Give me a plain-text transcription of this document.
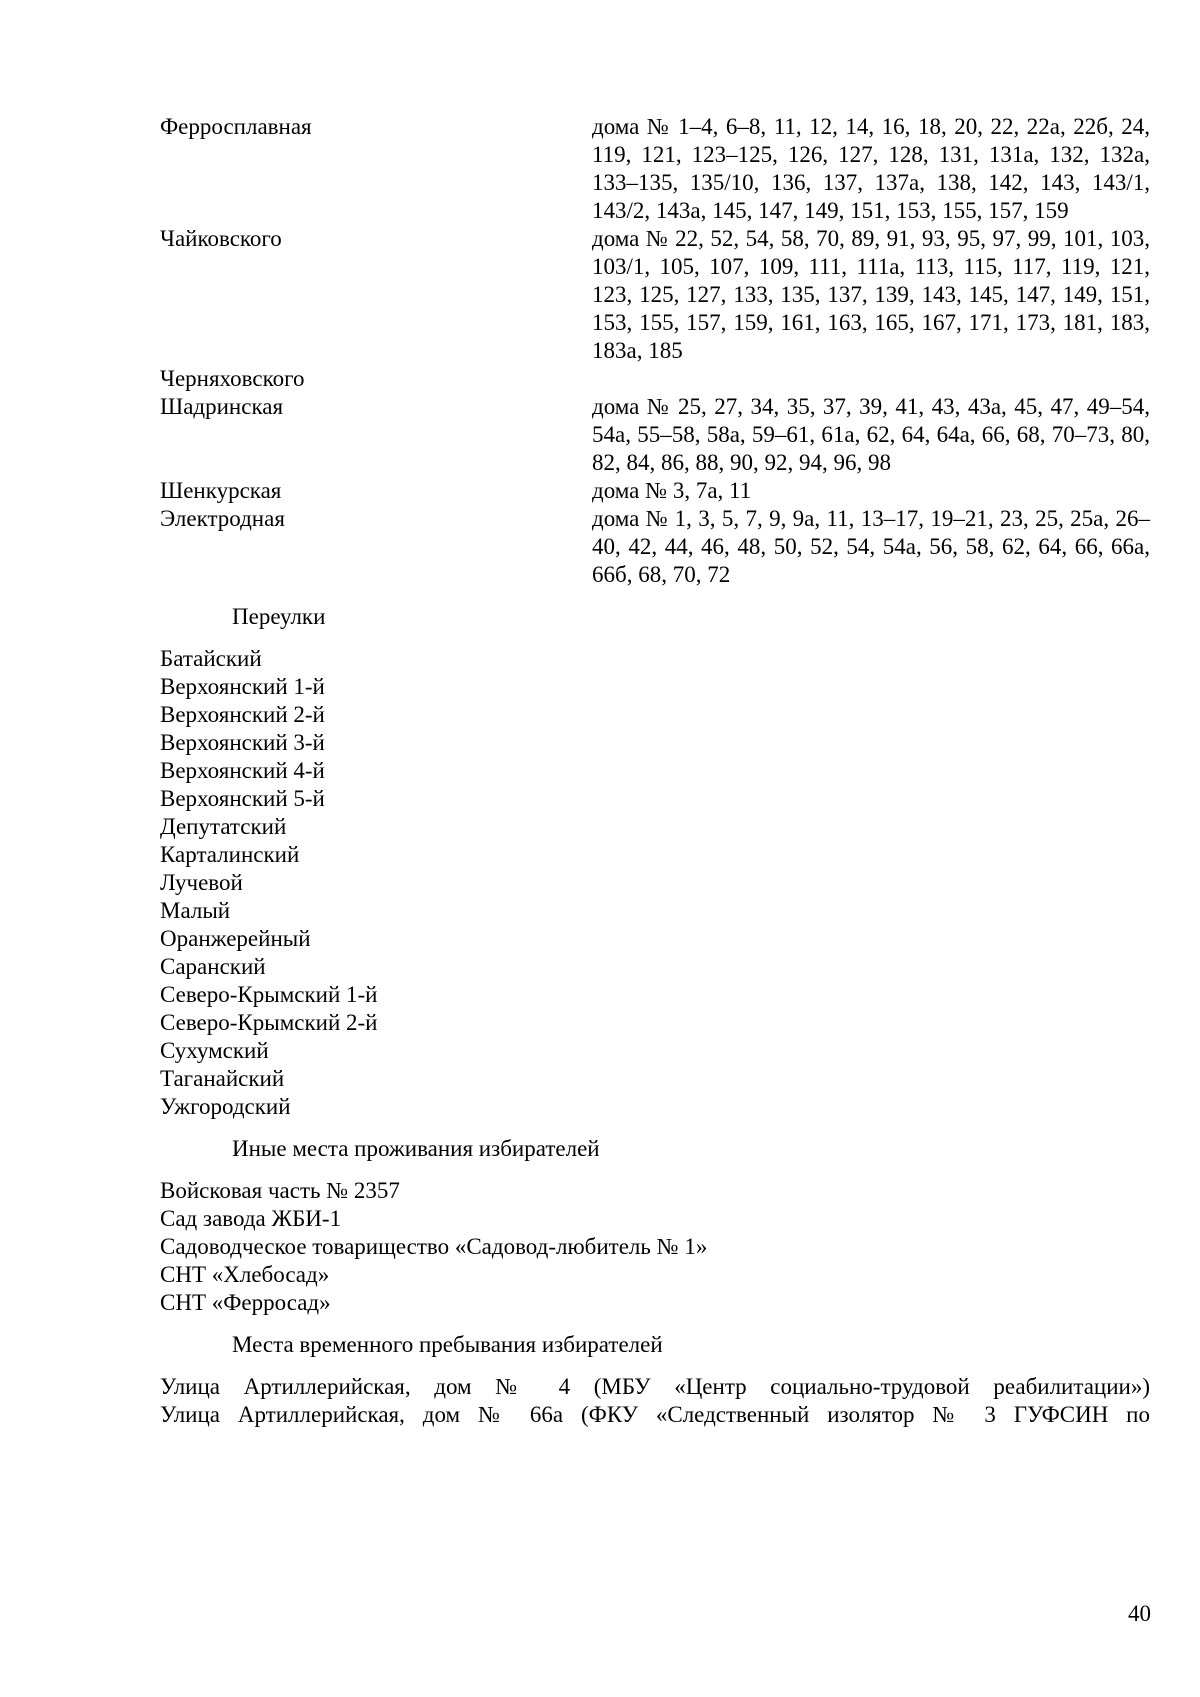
Ферросплавная	дома № 1–4, 6–8, 11, 12, 14, 16, 18, 20, 22, 22а, 22б, 24, 119, 121, 123–125, 126, 127, 128, 131, 131а, 132, 132а, 133–135, 135/10, 136, 137, 137а, 138, 142, 143, 143/1, 143/2, 143а, 145, 147, 149, 151, 153, 155, 157, 159
Чайковского	дома № 22, 52, 54, 58, 70, 89, 91, 93, 95, 97, 99, 101, 103, 103/1, 105, 107, 109, 111, 111а, 113, 115, 117, 119, 121, 123, 125, 127, 133, 135, 137, 139, 143, 145, 147, 149, 151, 153, 155, 157, 159, 161, 163, 165, 167, 171, 173, 181, 183, 183а, 185
Черняховского
Шадринская	дома № 25, 27, 34, 35, 37, 39, 41, 43, 43а, 45, 47, 49–54, 54а, 55–58, 58а, 59–61, 61а, 62, 64, 64а, 66, 68, 70–73, 80, 82, 84, 86, 88, 90, 92, 94, 96, 98
Шенкурская	дома № 3, 7а, 11
Электродная	дома № 1, 3, 5, 7, 9, 9а, 11, 13–17, 19–21, 23, 25, 25а, 26–40, 42, 44, 46, 48, 50, 52, 54, 54а, 56, 58, 62, 64, 66, 66а, 66б, 68, 70, 72
Переулки
Батайский
Верхоянский 1-й
Верхоянский 2-й
Верхоянский 3-й
Верхоянский 4-й
Верхоянский 5-й
Депутатский
Карталинский
Лучевой
Малый
Оранжерейный
Саранский
Северо-Крымский 1-й
Северо-Крымский 2-й
Сухумский
Таганайский
Ужгородский
Иные места проживания избирателей
Войсковая часть № 2357
Сад завода ЖБИ-1
Садоводческое товарищество «Садовод-любитель № 1»
СНТ «Хлебосад»
СНТ «Ферросад»
Места временного пребывания избирателей
Улица Артиллерийская, дом № 4 (МБУ «Центр социально-трудовой реабилитации»)
Улица Артиллерийская, дом № 66а (ФКУ «Следственный изолятор № 3 ГУФСИН по
40
